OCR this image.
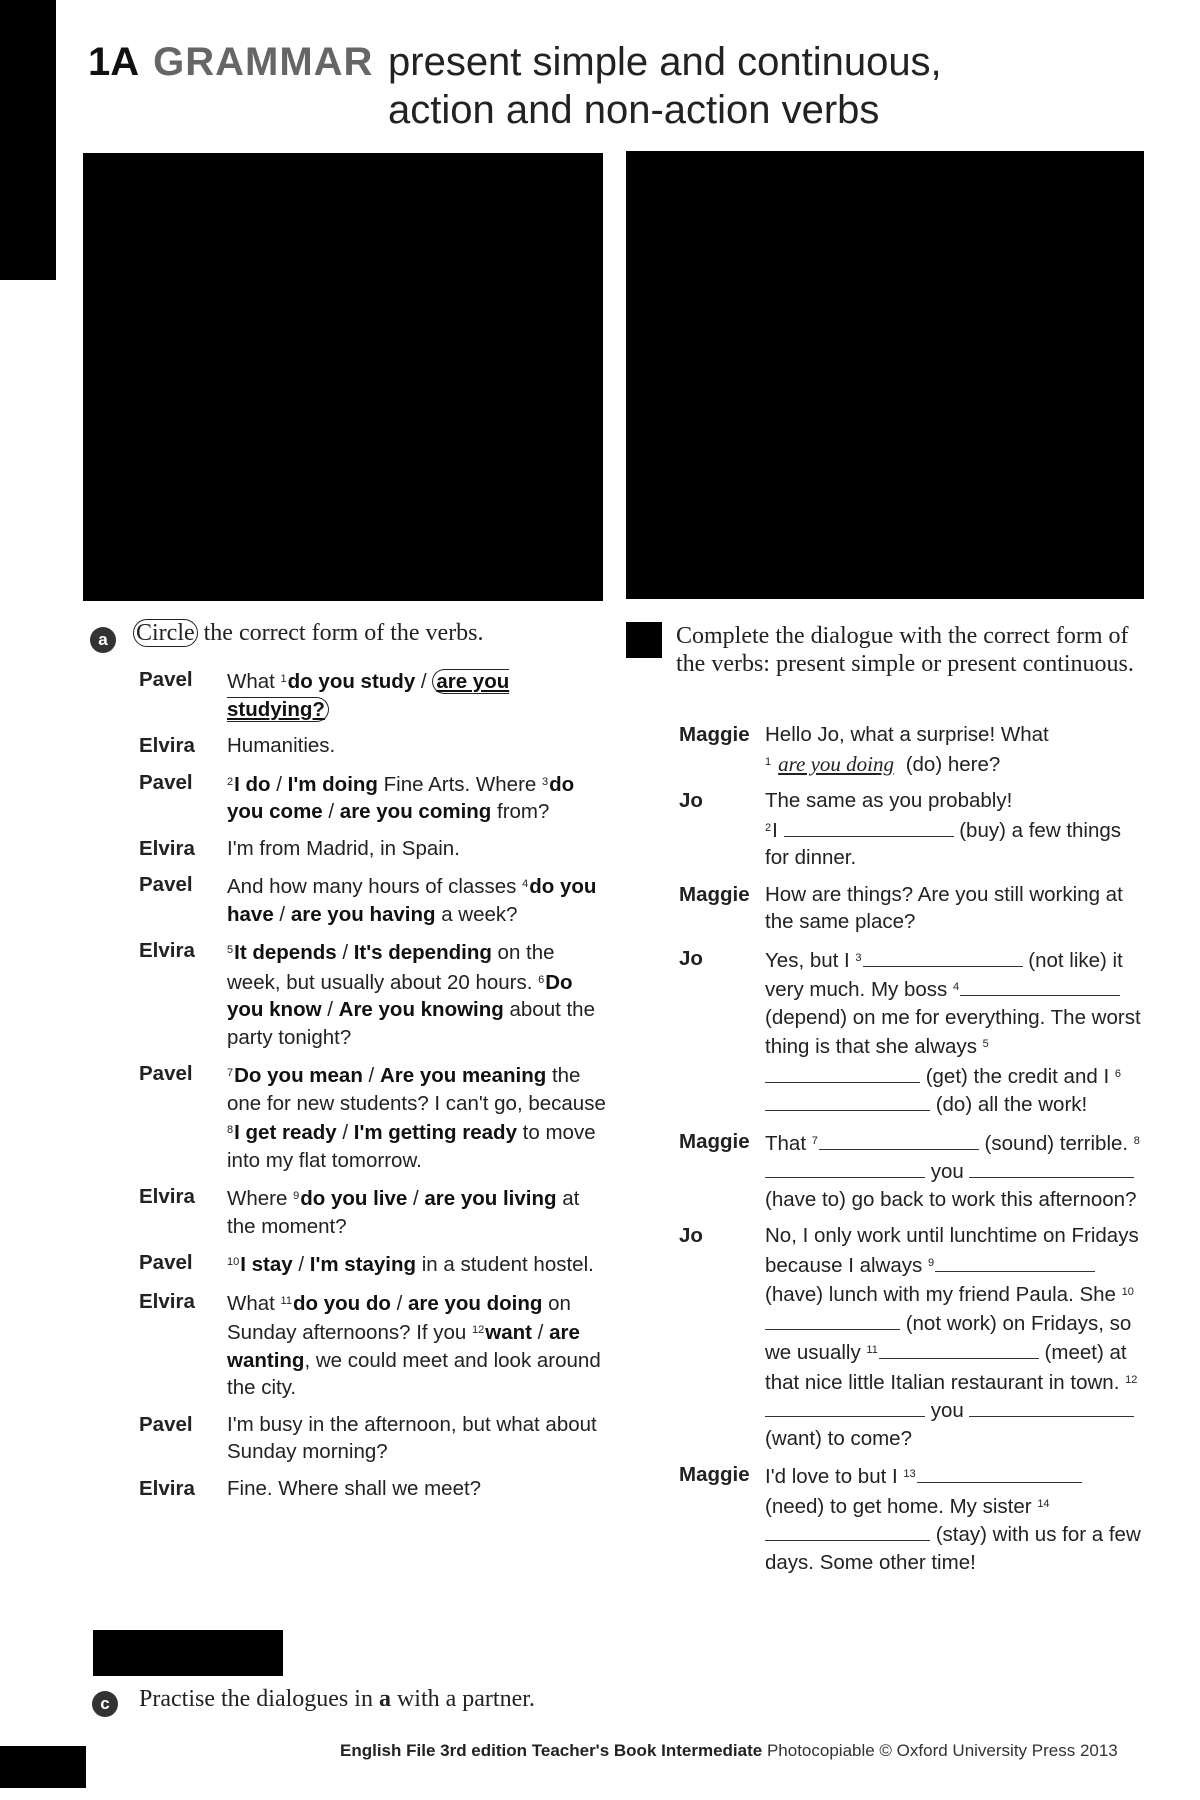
1A GRAMMAR present simple and continuous,
action and non-action verbs
a	Circle the correct form of the verbs.
Pavel	What $^1$do you study / are you studying?
Elvira	Humanities.
Pavel	$^2$I do / I'm doing Fine Arts. Where $^3$do you come / are you coming from?
Elvira	I'm from Madrid, in Spain.
Pavel	And how many hours of classes $^4$do you have / are you having a week?
Elvira	$^5$It depends / It's depending on the week, but usually about 20 hours. $^6$Do you know / Are you knowing about the party tonight?
Pavel	$^7$Do you mean / Are you meaning the one for new students? I can't go, because $^8$I get ready / I'm getting ready to move into my flat tomorrow.
Elvira	Where $^9$do you live / are you living at the moment?
Pavel	$^{10}$I stay / I'm staying in a student hostel.
Elvira	What $^{11}$do you do / are you doing on Sunday afternoons? If you $^{12}$want / are wanting, we could meet and look around the city.
Pavel	I'm busy in the afternoon, but what about Sunday morning?
Elvira	Fine. Where shall we meet?
Complete the dialogue with the correct form of the verbs: present simple or present continuous.
Maggie Hello Jo, what a surprise! What
$^1$ are you doing (do) here?
Jo	The same as you probably!
$^2$I	(buy) a few things for dinner.
Maggie How are things? Are you still working at the same place?
Jo	Yes, but I $^3$	(not like) it very much. My boss $^4$ (depend) on me for everything. The worst thing is that she always $^5$ (get) the credit and I $^6$ (do) all the work!
Maggie That $^7$	(sound) terrible. $^8$ you  (have to) go back to work this afternoon?
Jo	No, I only work until lunchtime on Fridays because I always $^9$ (have) lunch with my friend Paula. She $^{10}$ (not work) on Fridays, so we usually $^{11}$	(meet) at that nice little Italian restaurant in town. $^{12}$ you  (want) to come?
Maggie I'd love to but I $^{13}$ (need) to get home. My sister $^{14}$ (stay) with us for a few days. Some other time!
c	Practise the dialogues in a with a partner.
English File 3rd edition Teacher's Book Intermediate Photocopiable © Oxford University Press 2013
